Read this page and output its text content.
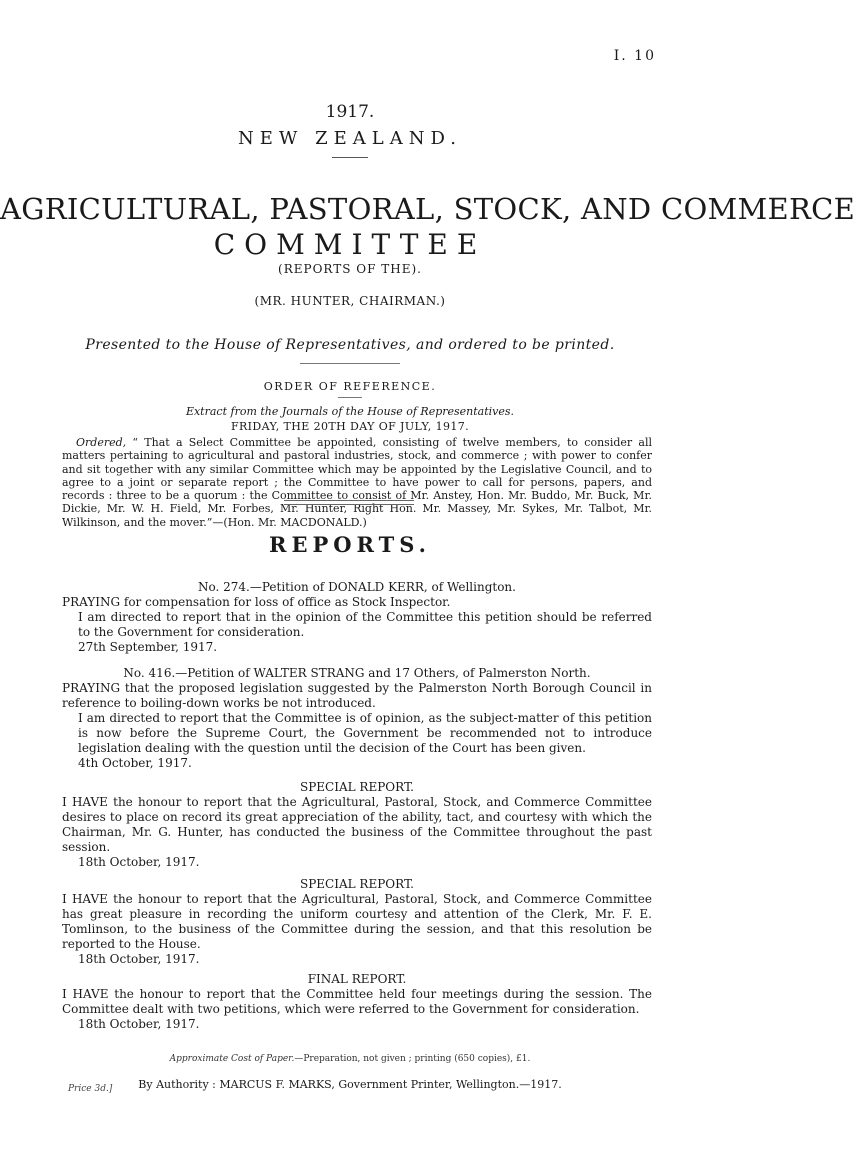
I. 10
1917.
NEW ZEALAND.
AGRICULTURAL, PASTORAL, STOCK, AND COMMERCE
COMMITTEE
(REPORTS OF THE).
(MR. HUNTER, CHAIRMAN.)
Presented to the House of Representatives, and ordered to be printed.
ORDER OF REFERENCE.
Extract from the Journals of the House of Representatives.
FRIDAY, THE 20TH DAY OF JULY, 1917.
Ordered, “ That a Select Committee be appointed, consisting of twelve members, to consider all matters pertaining to agricultural and pastoral industries, stock, and commerce ; with power to confer and sit together with any similar Committee which may be appointed by the Legislative Council, and to agree to a joint or separate report ; the Committee to have power to call for persons, papers, and records : three to be a quorum : the Committee to consist of Mr. Anstey, Hon. Mr. Buddo, Mr. Buck, Mr. Dickie, Mr. W. H. Field, Mr. Forbes, Mr. Hunter, Right Hon. Mr. Massey, Mr. Sykes, Mr. Talbot, Mr. Wilkinson, and the mover.”—(Hon. Mr. MACDONALD.)
REPORTS.
No. 274.—Petition of DONALD KERR, of Wellington.
PRAYING for compensation for loss of office as Stock Inspector.
I am directed to report that in the opinion of the Committee this petition should be referred to the Government for consideration.
27th September, 1917.
No. 416.—Petition of WALTER STRANG and 17 Others, of Palmerston North.
PRAYING that the proposed legislation suggested by the Palmerston North Borough Council in reference to boiling-down works be not introduced.
I am directed to report that the Committee is of opinion, as the subject-matter of this petition is now before the Supreme Court, the Government be recommended not to introduce legislation dealing with the question until the decision of the Court has been given.
4th October, 1917.
SPECIAL REPORT.
I HAVE the honour to report that the Agricultural, Pastoral, Stock, and Commerce Committee desires to place on record its great appreciation of the ability, tact, and courtesy with which the Chairman, Mr. G. Hunter, has conducted the business of the Committee throughout the past session.
18th October, 1917.
SPECIAL REPORT.
I HAVE the honour to report that the Agricultural, Pastoral, Stock, and Commerce Committee has great pleasure in recording the uniform courtesy and attention of the Clerk, Mr. F. E. Tomlinson, to the business of the Committee during the session, and that this resolution be reported to the House.
18th October, 1917.
FINAL REPORT.
I HAVE the honour to report that the Committee held four meetings during the session. The Committee dealt with two petitions, which were referred to the Government for consideration.
18th October, 1917.
Approximate Cost of Paper.—Preparation, not given ; printing (650 copies), £1.
Price 3d.]	By Authority : MARCUS F. MARKS, Government Printer, Wellington.—1917.
